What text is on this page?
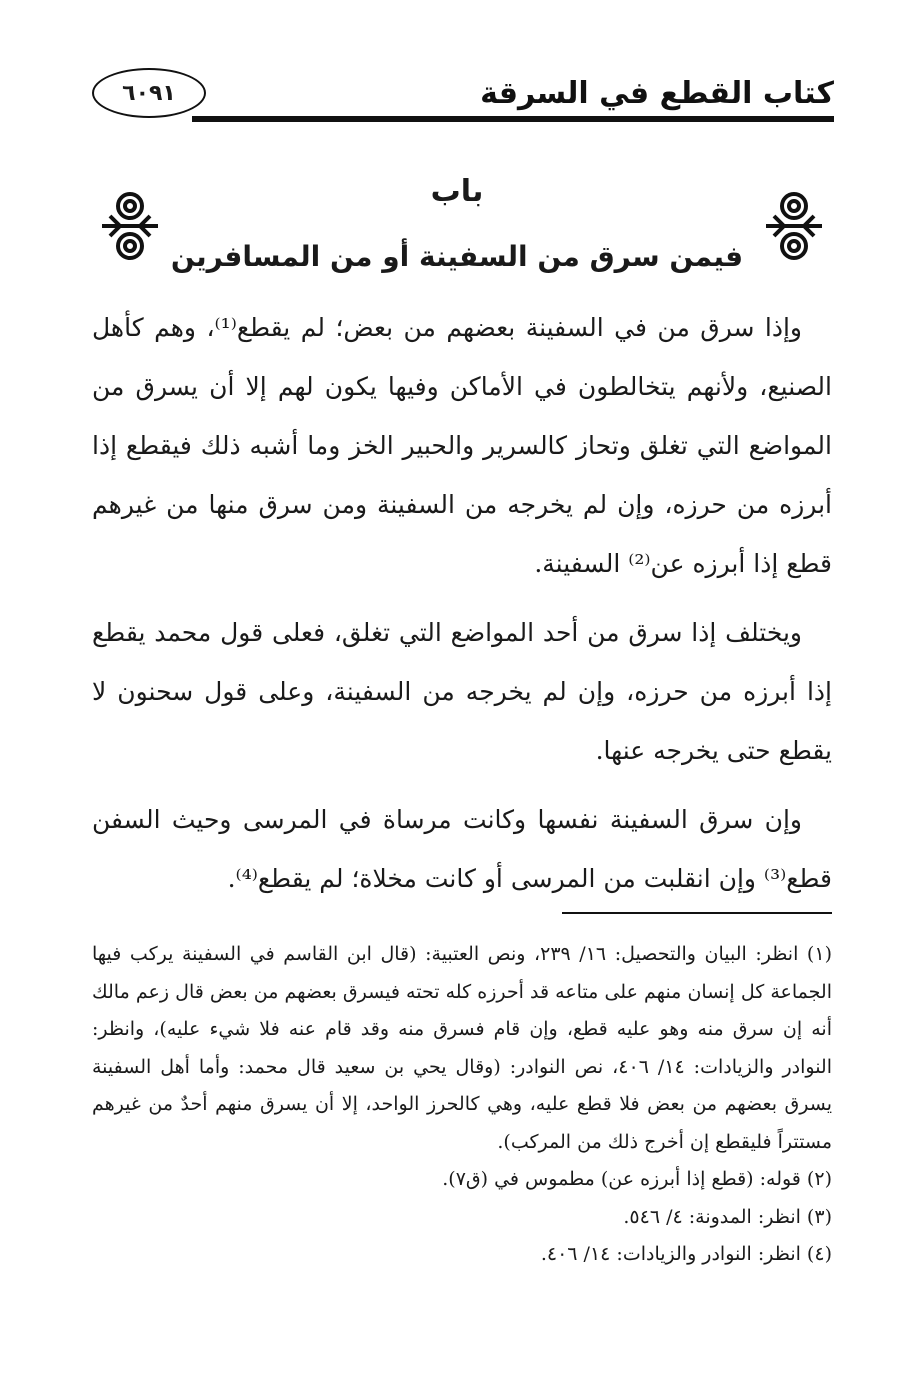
كتاب القطع في السرقة
٦٠٩١
باب
فيمن سرق من السفينة أو من المسافرين

وإذا سرق من في السفينة بعضهم من بعض؛ لم يقطع⁽¹⁾، وهم كأهل الصنيع، ولأنهم يتخالطون في الأماكن وفيها يكون لهم إلا أن يسرق من المواضع التي تغلق وتحاز كالسرير والحبير الخز وما أشبه ذلك فيقطع إذا أبرزه من حرزه، وإن لم يخرجه من السفينة ومن سرق منها من غيرهم قطع إذا أبرزه عن⁽²⁾ السفينة.

ويختلف إذا سرق من أحد المواضع التي تغلق، فعلى قول محمد يقطع إذا أبرزه من حرزه، وإن لم يخرجه من السفينة، وعلى قول سحنون لا يقطع حتى يخرجه عنها.

وإن سرق السفينة نفسها وكانت مرساة في المرسى وحيث السفن قطع⁽³⁾ وإن انقلبت من المرسى أو كانت مخلاة؛ لم يقطع⁽⁴⁾.

(١) انظر: البيان والتحصيل: ١٦/ ٢٣٩، ونص العتبية: (قال ابن القاسم في السفينة يركب فيها الجماعة كل إنسان منهم على متاعه قد أحرزه كله تحته فيسرق بعضهم من بعض قال زعم مالك أنه إن سرق منه وهو عليه قطع، وإن قام فسرق منه وقد قام عنه فلا شيء عليه)، وانظر: النوادر والزيادات: ١٤/ ٤٠٦، نص النوادر: (وقال يحي بن سعيد قال محمد: وأما أهل السفينة يسرق بعضهم من بعض فلا قطع عليه، وهي كالحرز الواحد، إلا أن يسرق منهم أحدٌ من غيرهم مستتراً فليقطع إن أخرج ذلك من المركب).

(٢) قوله: (قطع إذا أبرزه عن) مطموس في (ق٧).

(٣) انظر: المدونة: ٤/ ٥٤٦.

(٤) انظر: النوادر والزيادات: ١٤/ ٤٠٦.
